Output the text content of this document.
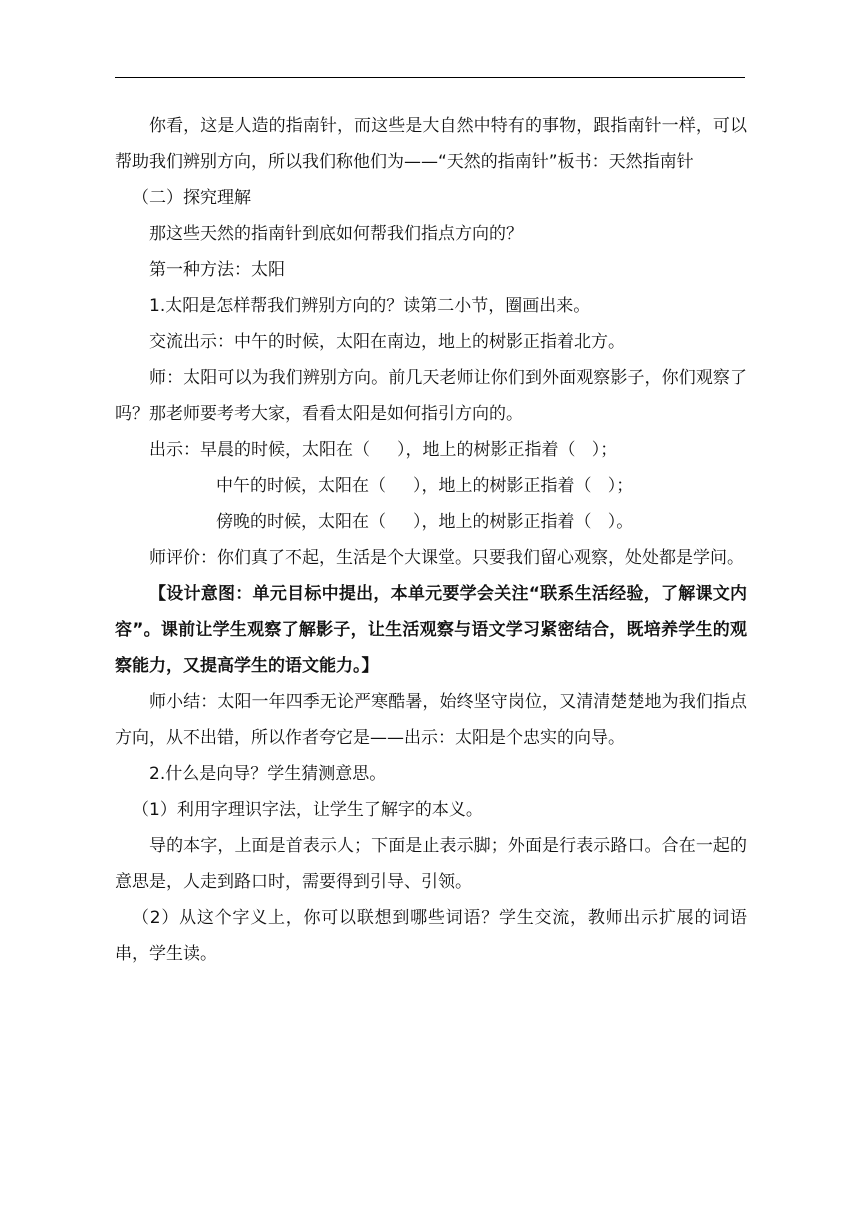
你看，这是人造的指南针，而这些是大自然中特有的事物，跟指南针一样，可以帮助我们辨别方向，所以我们称他们为——“天然的指南针”板书：天然指南针

（二）探究理解

那这些天然的指南针到底如何帮我们指点方向的？

第一种方法：太阳

1.太阳是怎样帮我们辨别方向的？读第二小节，圈画出来。

交流出示：中午的时候，太阳在南边，地上的树影正指着北方。

师：太阳可以为我们辨别方向。前几天老师让你们到外面观察影子，你们观察了吗？那老师要考考大家，看看太阳是如何指引方向的。

出示：早晨的时候，太阳在（     ），地上的树影正指着（   ）；

中午的时候，太阳在（     ），地上的树影正指着（   ）；

傍晚的时候，太阳在（     ），地上的树影正指着（   ）。

师评价：你们真了不起，生活是个大课堂。只要我们留心观察，处处都是学问。

【设计意图：单元目标中提出，本单元要学会关注“联系生活经验，了解课文内容”。课前让学生观察了解影子，让生活观察与语文学习紧密结合，既培养学生的观察能力，又提高学生的语文能力。】

师小结：太阳一年四季无论严寒酷暑，始终坚守岗位，又清清楚楚地为我们指点方向，从不出错，所以作者夸它是——出示：太阳是个忠实的向导。

2.什么是向导？学生猜测意思。

（1）利用字理识字法，让学生了解字的本义。

导的本字，上面是首表示人；下面是止表示脚；外面是行表示路口。合在一起的意思是，人走到路口时，需要得到引导、引领。

（2）从这个字义上，你可以联想到哪些词语？学生交流，教师出示扩展的词语串，学生读。
